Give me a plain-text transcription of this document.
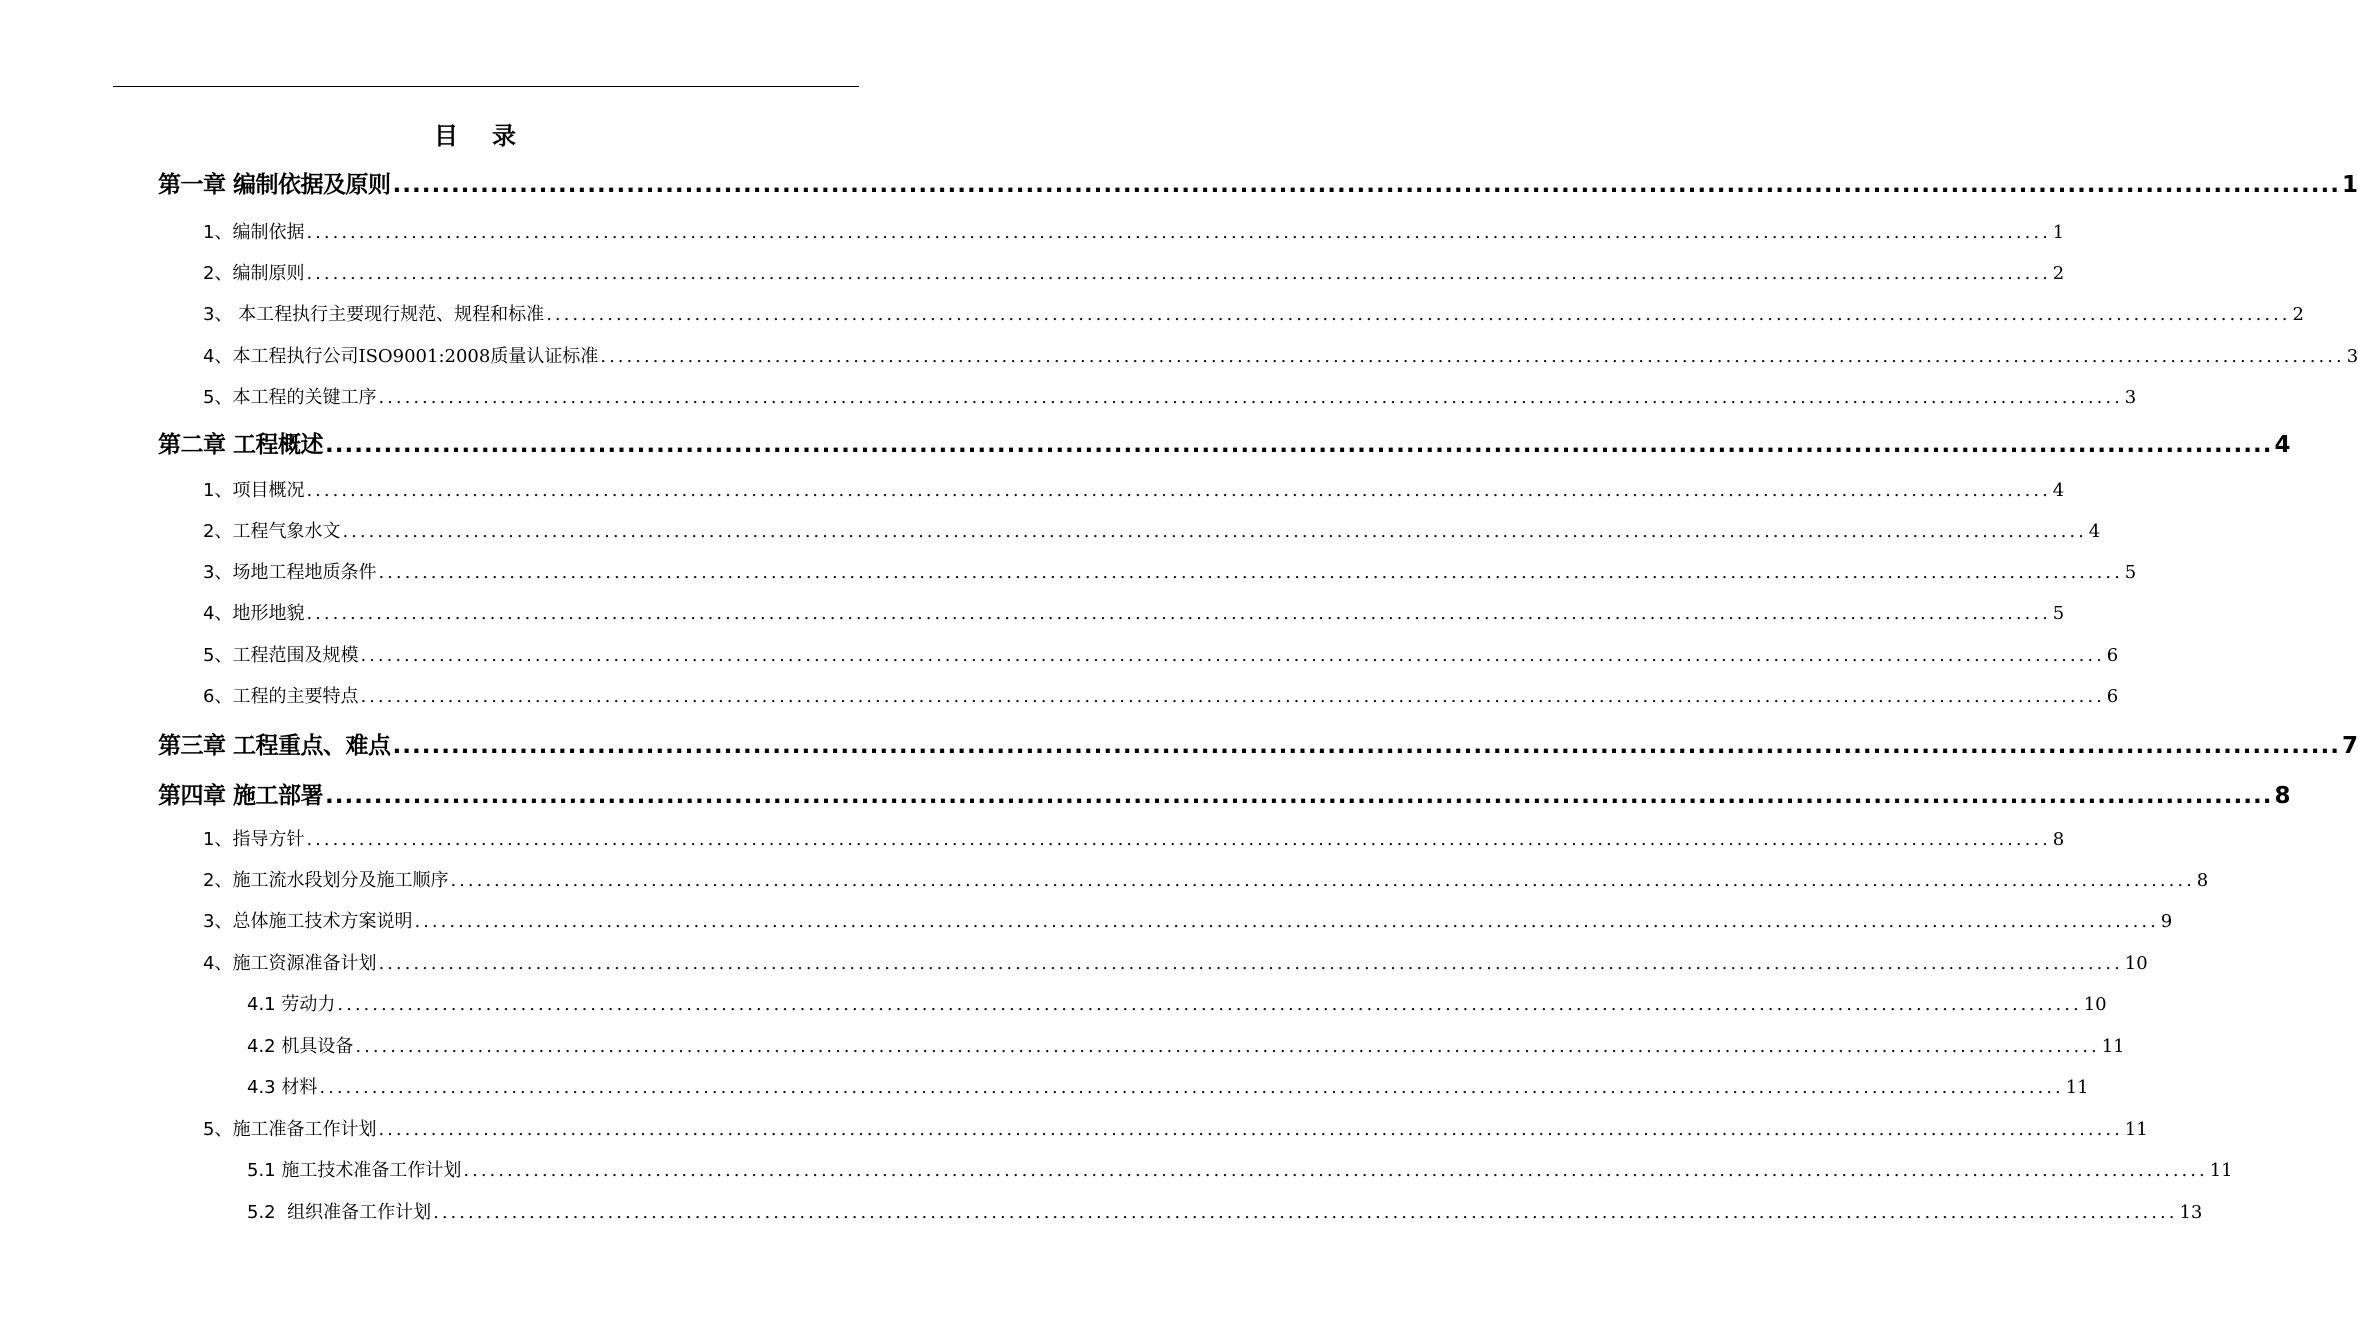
目 录
第一章 编制依据及原则 ........................................................................................................................................................................................................ 1
1、编制依据 ........................................................................................................................................................................................................ 1
2、编制原则 ........................................................................................................................................................................................................ 2
3、 本工程执行主要现行规范、规程和标准 ........................................................................................................................................................................................................ 2
4、本工程执行公司ISO9001:2008质量认证标准 ........................................................................................................................................................................................................ 3
5、本工程的关键工序 ........................................................................................................................................................................................................ 3
第二章 工程概述 ........................................................................................................................................................................................................ 4
1、项目概况 ........................................................................................................................................................................................................ 4
2、工程气象水文 ........................................................................................................................................................................................................ 4
3、场地工程地质条件 ........................................................................................................................................................................................................ 5
4、地形地貌 ........................................................................................................................................................................................................ 5
5、工程范围及规模 ........................................................................................................................................................................................................ 6
6、工程的主要特点 ........................................................................................................................................................................................................ 6
第三章 工程重点、难点 ........................................................................................................................................................................................................ 7
第四章 施工部署 ........................................................................................................................................................................................................ 8
1、指导方针 ........................................................................................................................................................................................................ 8
2、施工流水段划分及施工顺序 ........................................................................................................................................................................................................ 8
3、总体施工技术方案说明 ........................................................................................................................................................................................................ 9
4、施工资源准备计划 ........................................................................................................................................................................................................ 10
4.1 劳动力 ........................................................................................................................................................................................................ 10
4.2 机具设备 ........................................................................................................................................................................................................ 11
4.3 材料 ........................................................................................................................................................................................................ 11
5、施工准备工作计划 ........................................................................................................................................................................................................ 11
5.1 施工技术准备工作计划 ........................................................................................................................................................................................................ 11
5.2  组织准备工作计划 ........................................................................................................................................................................................................ 13
